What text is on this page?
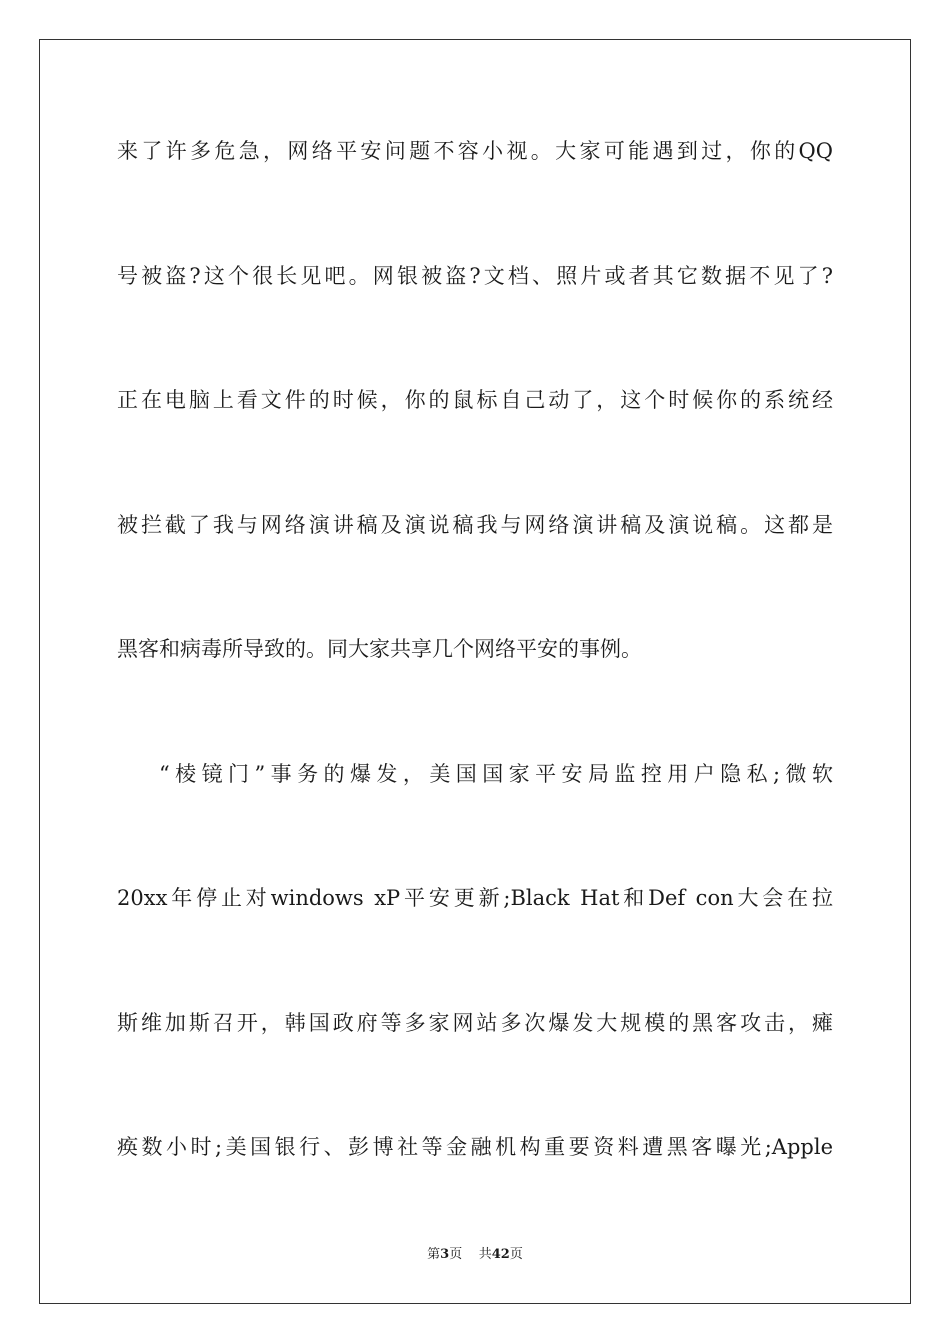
来了许多危急，网络平安问题不容小视。大家可能遇到过，你的QQ
号被盗?这个很长见吧。网银被盗?文档、照片或者其它数据不见了?
正在电脑上看文件的时候，你的鼠标自己动了，这个时候你的系统经
被拦截了我与网络演讲稿及演说稿我与网络演讲稿及演说稿。这都是
黑客和病毒所导致的。同大家共享几个网络平安的事例。
“棱镜门”事务的爆发，美国国家平安局监控用户隐私;微软
20xx年停止对windows xP平安更新;Black Hat和Def con大会在拉
斯维加斯召开，韩国政府等多家网站多次爆发大规模的黑客攻击，瘫
痪数小时;美国银行、彭博社等金融机构重要资料遭黑客曝光;Apple
第3页 共42页
